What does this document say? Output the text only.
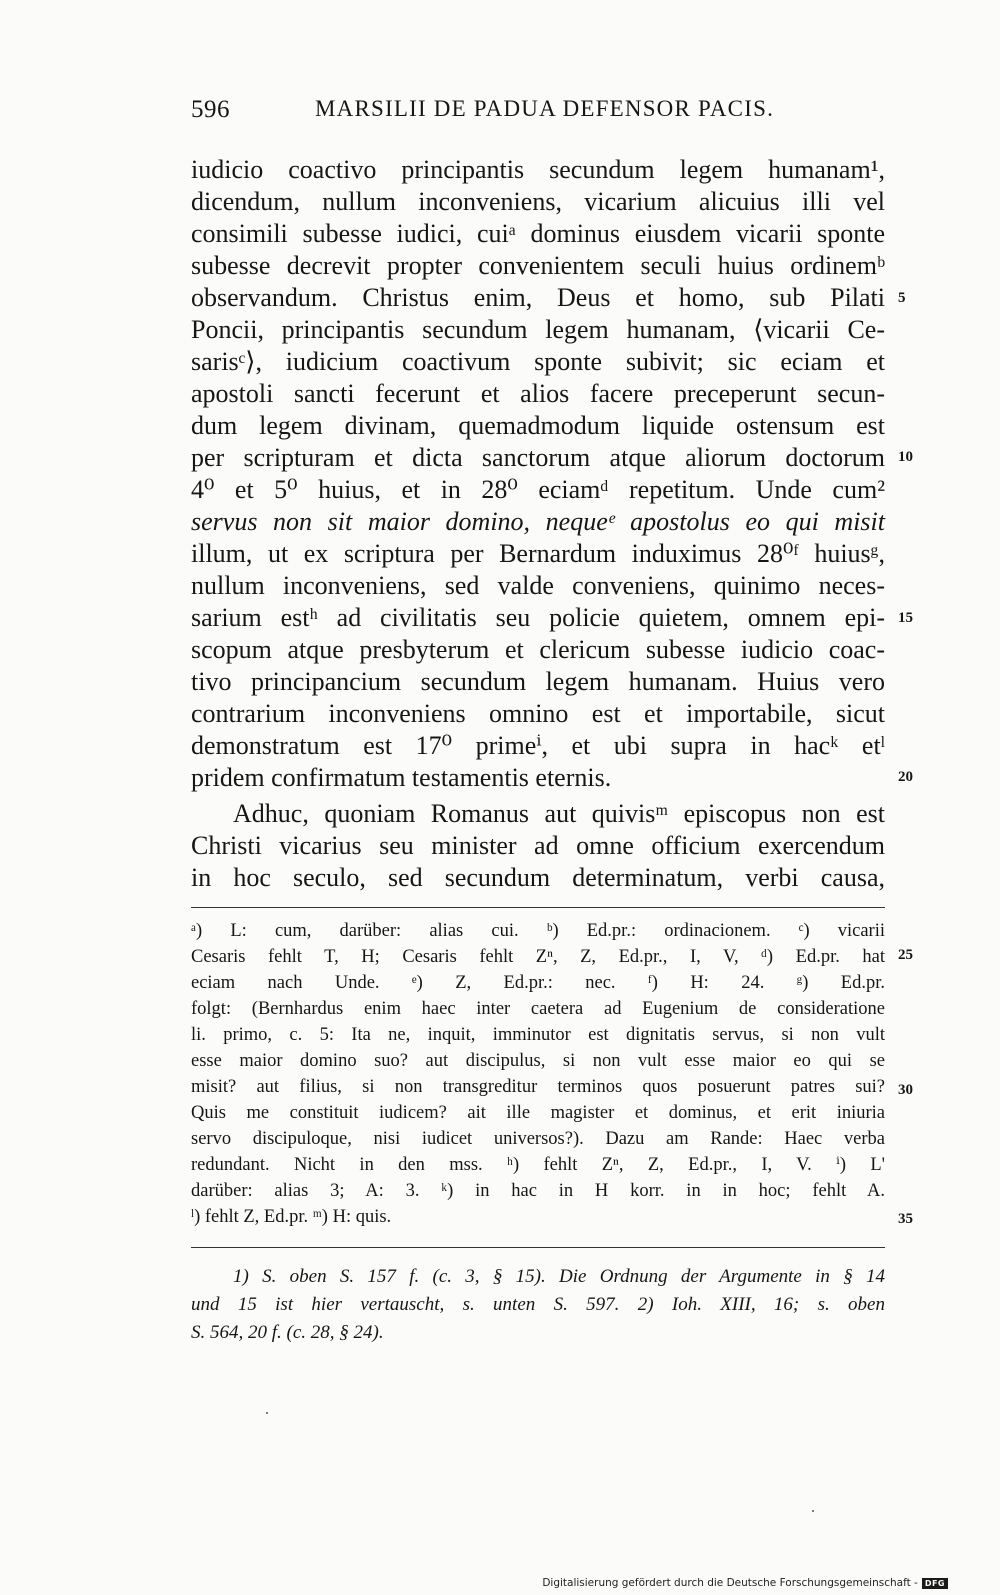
596	MARSILII DE PADUA DEFENSOR PACIS.
iudicio coactivo principantis secundum legem humanam¹,
dicendum, nullum inconveniens, vicarium alicuius illi vel
consimili subesse iudici, cuiᵃ dominus eiusdem vicarii sponte
subesse decrevit propter convenientem seculi huius ordinemᵇ
observandum. Christus enim, Deus et homo, sub Pilati
Poncii, principantis secundum legem humanam, ⟨vicarii Ce-
sarisᶜ⟩, iudicium coactivum sponte subivit; sic eciam et
apostoli sancti fecerunt et alios facere preceperunt secun-
dum legem divinam, quemadmodum liquide ostensum est
per scripturam et dicta sanctorum atque aliorum doctorum
4⁰ et 5⁰ huius, et in 28⁰ eciamᵈ repetitum. Unde cum²
servus non sit maior domino, nequeᵉ apostolus eo qui misit
illum, ut ex scriptura per Bernardum induximus 28⁰ᶠ huiusᵍ,
nullum inconveniens, sed valde conveniens, quinimo neces-
sarium estʰ ad civilitatis seu policie quietem, omnem epi-
scopum atque presbyterum et clericum subesse iudicio coac-
tivo principancium secundum legem humanam. Huius vero
contrarium inconveniens omnino est et importabile, sicut
demonstratum est 17⁰ primeⁱ, et ubi supra in hacᵏ etˡ
pridem confirmatum testamentis eternis.
Adhuc, quoniam Romanus aut quivisᵐ episcopus non est
Christi vicarius seu minister ad omne officium exercendum
in hoc seculo, sed secundum determinatum, verbi causa,
5
10
15
20
ᵃ) L: cum, darüber: alias cui. ᵇ) Ed.pr.: ordinacionem. ᶜ) vicarii
Cesaris fehlt T, H; Cesaris fehlt Zⁿ, Z, Ed.pr., I, V, ᵈ) Ed.pr. hat
eciam nach Unde. ᵉ) Z, Ed.pr.: nec. ᶠ) H: 24. ᵍ) Ed.pr.
folgt: (Bernhardus enim haec inter caetera ad Eugenium de consideratione
li. primo, c. 5: Ita ne, inquit, imminutor est dignitatis servus, si non vult
esse maior domino suo? aut discipulus, si non vult esse maior eo qui se
misit? aut filius, si non transgreditur terminos quos posuerunt patres sui?
Quis me constituit iudicem? ait ille magister et dominus, et erit iniuria
servo discipuloque, nisi iudicet universos?). Dazu am Rande: Haec verba
redundant. Nicht in den mss. ʰ) fehlt Zⁿ, Z, Ed.pr., I, V. ⁱ) L'
darüber: alias 3; A: 3. ᵏ) in hac in H korr. in in hoc; fehlt A.
ˡ) fehlt Z, Ed.pr. ᵐ) H: quis.
25
30
35
1) S. oben S. 157 f. (c. 3, § 15). Die Ordnung der Argumente in § 14
und 15 ist hier vertauscht, s. unten S. 597. 2) Ioh. XIII, 16; s. oben
S. 564, 20 f. (c. 28, § 24).
Digitalisierung gefördert durch die Deutsche Forschungsgemeinschaft - DFG
